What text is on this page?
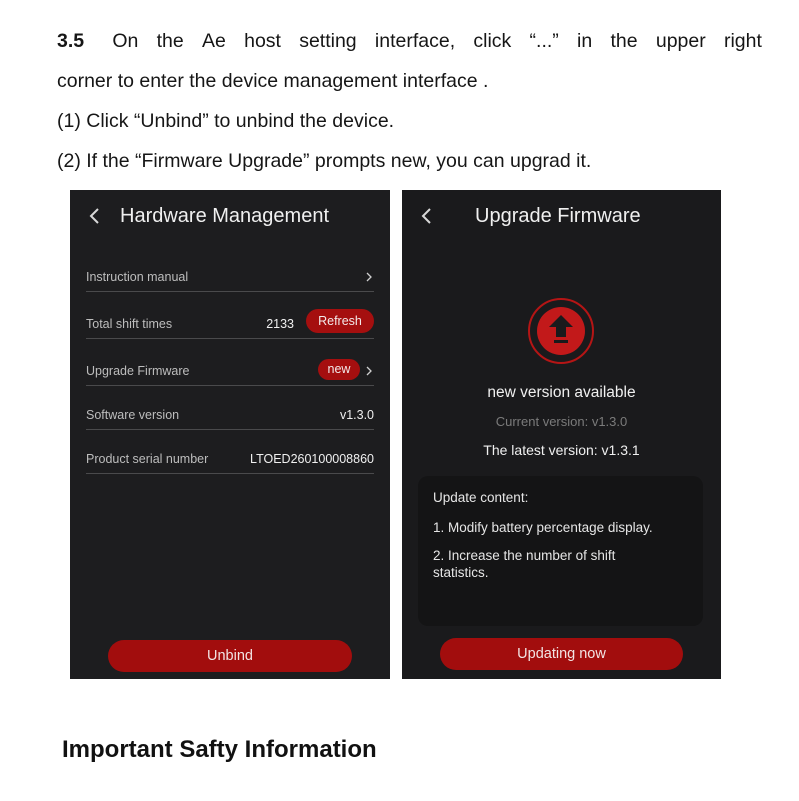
3.5 On the Ae host setting interface, click “...” in the upper right
corner to enter the device management interface .
(1) Click “Unbind” to unbind the device.
(2) If the “Firmware Upgrade” prompts new, you can upgrad it.
Hardware Management
Instruction manual
Total shift times	2133	Refresh
Upgrade Firmware	new
Software version	v1.3.0
Product serial number	LTOED260100008860
Unbind
Upgrade Firmware
new version available
Current version: v1.3.0
The latest version: v1.3.1
Update content:
1. Modify battery percentage display.
2. Increase the number of shift statistics.
Updating now
Important Safty Information
